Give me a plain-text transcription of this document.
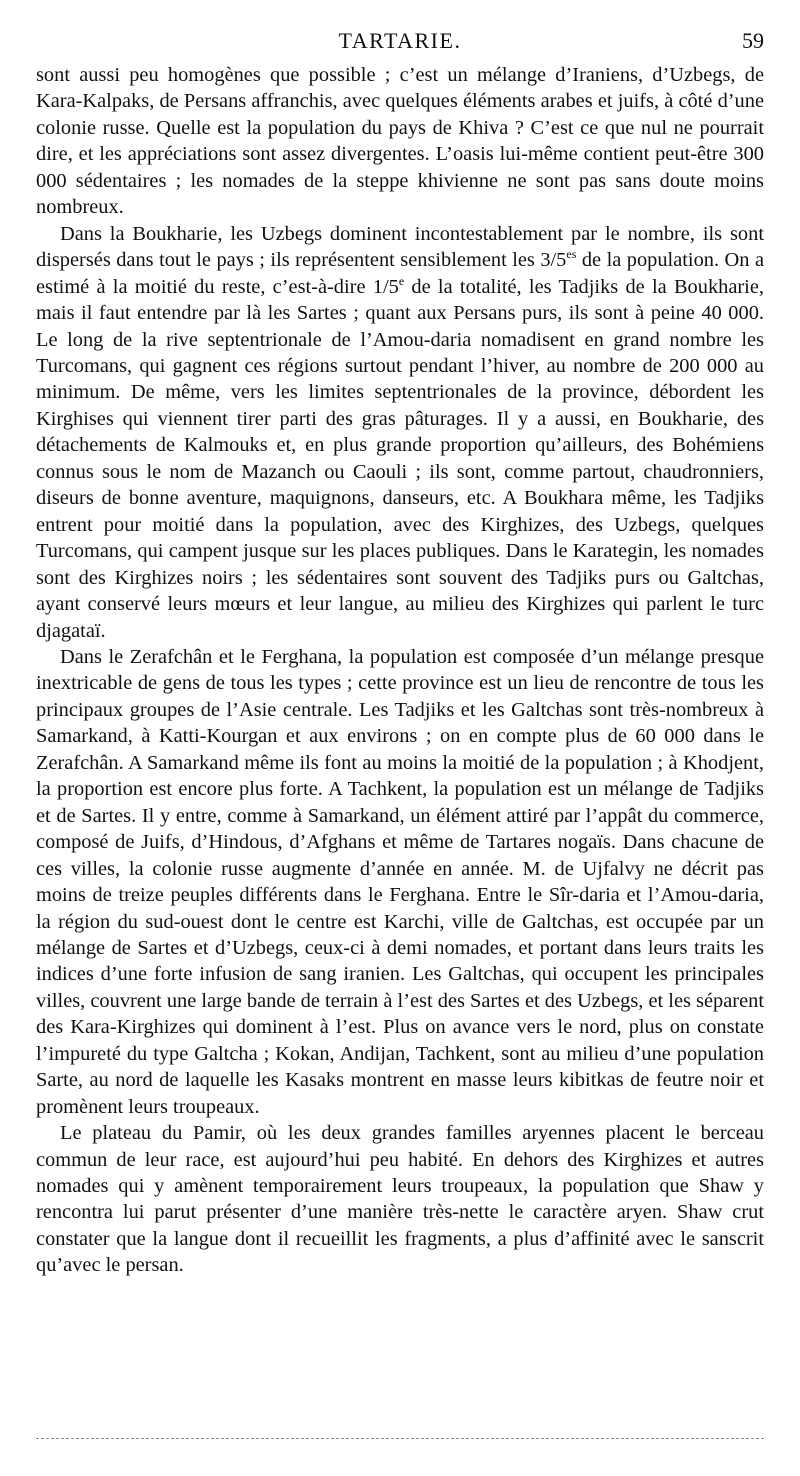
TARTARIE.	59

sont aussi peu homogènes que possible ; c’est un mélange d’Iraniens, d’Uzbegs, de Kara-Kalpaks, de Persans affranchis, avec quelques éléments arabes et juifs, à côté d’une colonie russe. Quelle est la population du pays de Khiva ? C’est ce que nul ne pourrait dire, et les appréciations sont assez divergentes. L’oasis lui-même contient peut-être 300 000 sédentaires ; les nomades de la steppe khivienne ne sont pas sans doute moins nombreux.

Dans la Boukharie, les Uzbegs dominent incontestablement par le nombre, ils sont dispersés dans tout le pays ; ils représentent sensiblement les $3/5^{es}$ de la population. On a estimé à la moitié du reste, c’est-à-dire 1/5e de la totalité, les Tadjiks de la Boukharie, mais il faut entendre par là les Sartes ; quant aux Persans purs, ils sont à peine 40 000. Le long de la rive septentrionale de l’Amou-daria nomadisent en grand nombre les Turcomans, qui gagnent ces régions surtout pendant l’hiver, au nombre de 200 000 au minimum. De même, vers les limites septentrionales de la province, débordent les Kirghises qui viennent tirer parti des gras pâturages. Il y a aussi, en Boukharie, des détachements de Kalmouks et, en plus grande proportion qu’ailleurs, des Bohémiens connus sous le nom de Mazanch ou Caouli ; ils sont, comme partout, chaudronniers, diseurs de bonne aventure, maquignons, danseurs, etc. A Boukhara même, les Tadjiks entrent pour moitié dans la population, avec des Kirghizes, des Uzbegs, quelques Turcomans, qui campent jusque sur les places publiques. Dans le Karategin, les nomades sont des Kirghizes noirs ; les sédentaires sont souvent des Tadjiks purs ou Galtchas, ayant conservé leurs mœurs et leur langue, au milieu des Kirghizes qui parlent le turc djagataï.

Dans le Zerafchân et le Ferghana, la population est composée d’un mélange presque inextricable de gens de tous les types ; cette province est un lieu de rencontre de tous les principaux groupes de l’Asie centrale. Les Tadjiks et les Galtchas sont très-nombreux à Samarkand, à Katti-Kourgan et aux environs ; on en compte plus de 60 000 dans le Zerafchân. A Samarkand même ils font au moins la moitié de la population ; à Khodjent, la proportion est encore plus forte. A Tachkent, la population est un mélange de Tadjiks et de Sartes. Il y entre, comme à Samarkand, un élément attiré par l’appât du commerce, composé de Juifs, d’Hindous, d’Afghans et même de Tartares nogaïs. Dans chacune de ces villes, la colonie russe augmente d’année en année. M. de Ujfalvy ne décrit pas moins de treize peuples différents dans le Ferghana. Entre le Sîr-daria et l’Amou-daria, la région du sud-ouest dont le centre est Karchi, ville de Galtchas, est occupée par un mélange de Sartes et d’Uzbegs, ceux-ci à demi nomades, et portant dans leurs traits les indices d’une forte infusion de sang iranien. Les Galtchas, qui occupent les principales villes, couvrent une large bande de terrain à l’est des Sartes et des Uzbegs, et les séparent des Kara-Kirghizes qui dominent à l’est. Plus on avance vers le nord, plus on constate l’impureté du type Galtcha ; Kokan, Andijan, Tachkent, sont au milieu d’une population Sarte, au nord de laquelle les Kasaks montrent en masse leurs kibitkas de feutre noir et promènent leurs troupeaux.

Le plateau du Pamir, où les deux grandes familles aryennes placent le berceau commun de leur race, est aujourd’hui peu habité. En dehors des Kirghizes et autres nomades qui y amènent temporairement leurs troupeaux, la population que Shaw y rencontra lui parut présenter d’une manière très-nette le caractère aryen. Shaw crut constater que la langue dont il recueillit les fragments, a plus d’affinité avec le sanscrit qu’avec le persan.
